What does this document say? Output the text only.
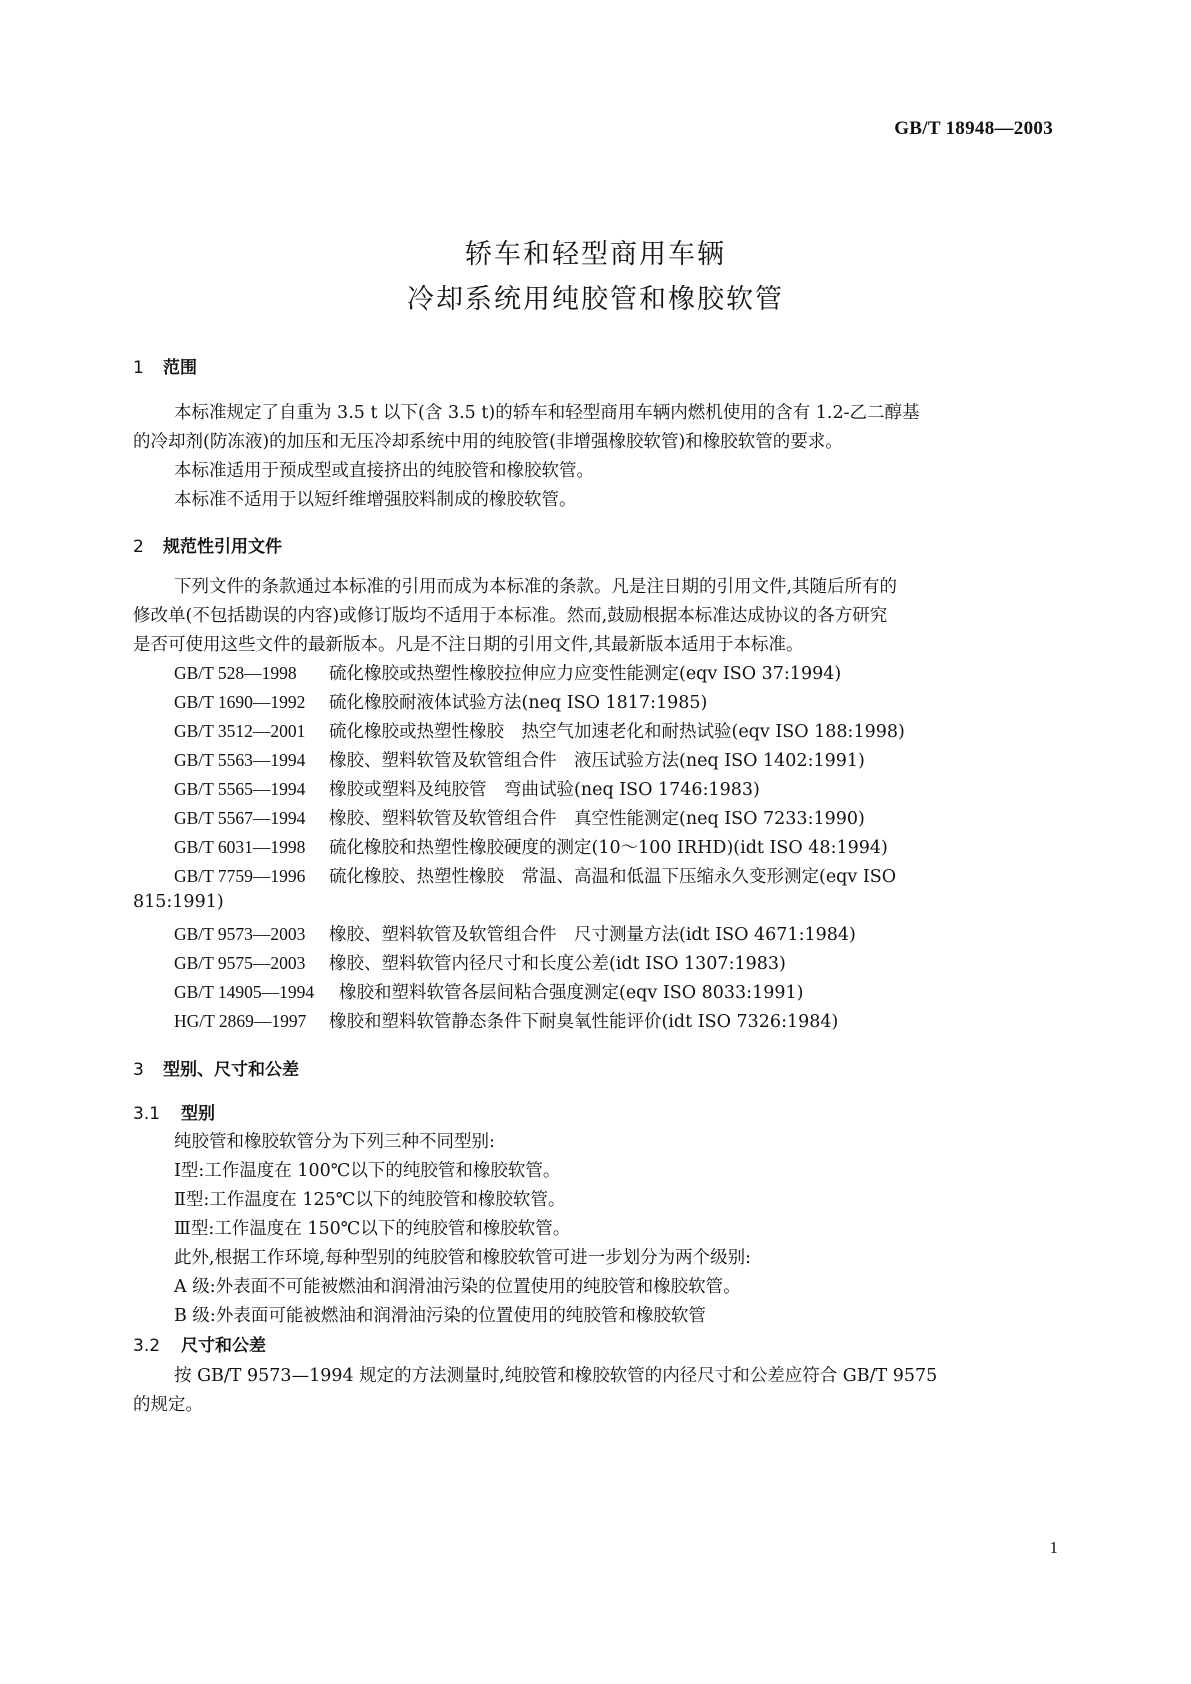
GB/T 18948—2003
轿车和轻型商用车辆
冷却系统用纯胶管和橡胶软管
1 范围
本标准规定了自重为 3.5 t 以下(含 3.5 t)的轿车和轻型商用车辆内燃机使用的含有 1.2-乙二醇基
的冷却剂(防冻液)的加压和无压冷却系统中用的纯胶管(非增强橡胶软管)和橡胶软管的要求。
本标准适用于预成型或直接挤出的纯胶管和橡胶软管。
本标准不适用于以短纤维增强胶料制成的橡胶软管。
2 规范性引用文件
下列文件的条款通过本标准的引用而成为本标准的条款。凡是注日期的引用文件,其随后所有的
修改单(不包括勘误的内容)或修订版均不适用于本标准。然而,鼓励根据本标准达成协议的各方研究
是否可使用这些文件的最新版本。凡是不注日期的引用文件,其最新版本适用于本标准。
GB/T 528—1998 硫化橡胶或热塑性橡胶拉伸应力应变性能测定(eqv ISO 37:1994)
GB/T 1690—1992 硫化橡胶耐液体试验方法(neq ISO 1817:1985)
GB/T 3512—2001 硫化橡胶或热塑性橡胶　热空气加速老化和耐热试验(eqv ISO 188:1998)
GB/T 5563—1994 橡胶、塑料软管及软管组合件　液压试验方法(neq ISO 1402:1991)
GB/T 5565—1994 橡胶或塑料及纯胶管　弯曲试验(neq ISO 1746:1983)
GB/T 5567—1994 橡胶、塑料软管及软管组合件　真空性能测定(neq ISO 7233:1990)
GB/T 6031—1998 硫化橡胶和热塑性橡胶硬度的测定(10～100 IRHD)(idt ISO 48:1994)
GB/T 7759—1996 硫化橡胶、热塑性橡胶　常温、高温和低温下压缩永久变形测定(eqv ISO
815:1991)
GB/T 9573—2003 橡胶、塑料软管及软管组合件　尺寸测量方法(idt ISO 4671:1984)
GB/T 9575—2003 橡胶、塑料软管内径尺寸和长度公差(idt ISO 1307:1983)
GB/T 14905—1994 橡胶和塑料软管各层间粘合强度测定(eqv ISO 8033:1991)
HG/T 2869—1997 橡胶和塑料软管静态条件下耐臭氧性能评价(idt ISO 7326:1984)
3 型别、尺寸和公差
3.1 型别
纯胶管和橡胶软管分为下列三种不同型别:
Ⅰ型:工作温度在 100℃以下的纯胶管和橡胶软管。
Ⅱ型:工作温度在 125℃以下的纯胶管和橡胶软管。
Ⅲ型:工作温度在 150℃以下的纯胶管和橡胶软管。
此外,根据工作环境,每种型别的纯胶管和橡胶软管可进一步划分为两个级别:
A 级:外表面不可能被燃油和润滑油污染的位置使用的纯胶管和橡胶软管。
B 级:外表面可能被燃油和润滑油污染的位置使用的纯胶管和橡胶软管
3.2 尺寸和公差
按 GB/T 9573—1994 规定的方法测量时,纯胶管和橡胶软管的内径尺寸和公差应符合 GB/T 9575
的规定。
1
